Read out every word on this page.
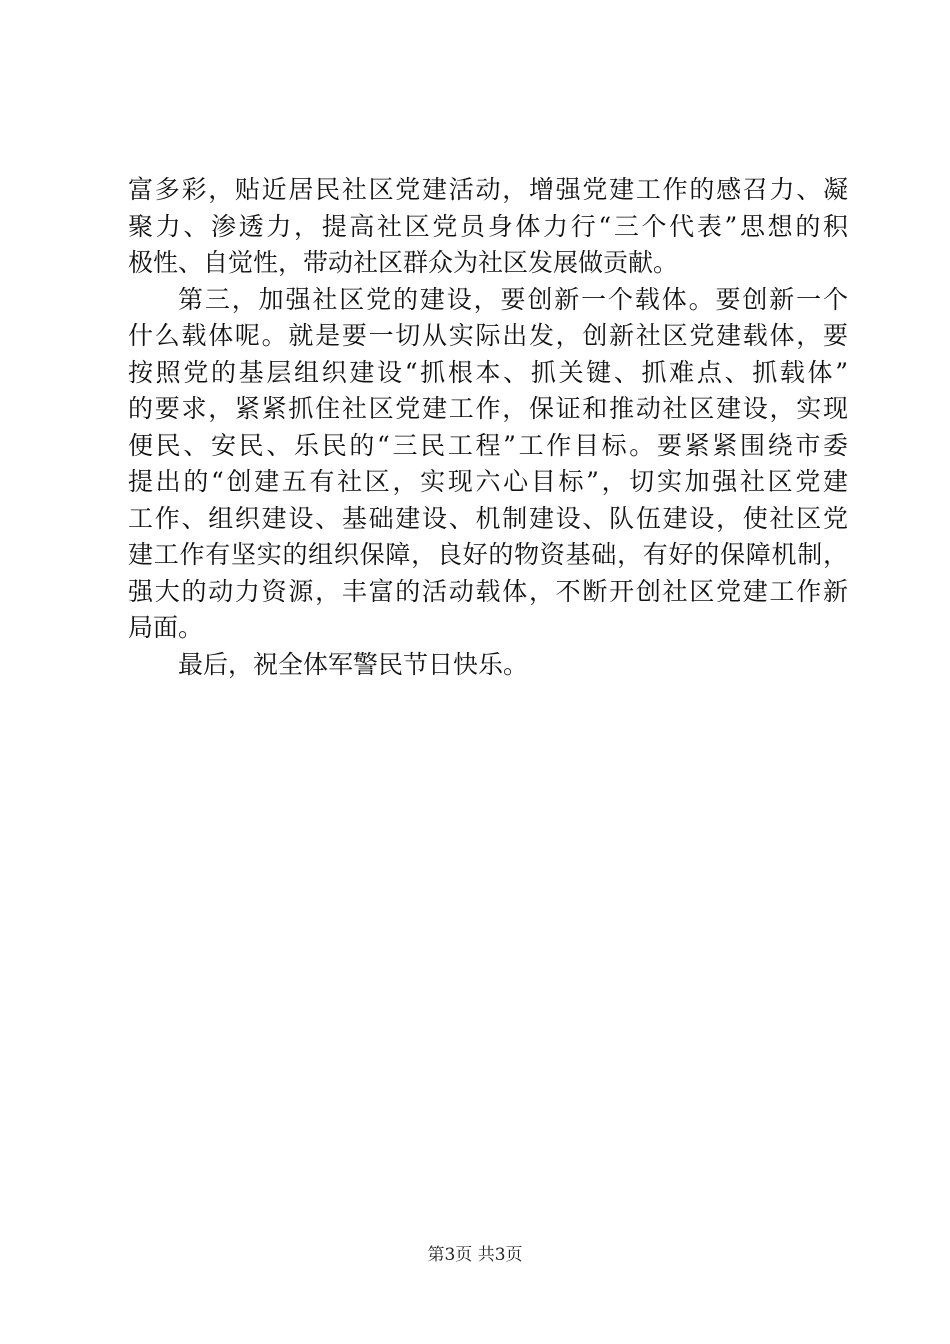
富多彩，贴近居民社区党建活动，增强党建工作的感召力、凝
聚力、渗透力，提高社区党员身体力行“三个代表”思想的积
极性、自觉性，带动社区群众为社区发展做贡献。
第三，加强社区党的建设，要创新一个载体。要创新一个
什么载体呢。就是要一切从实际出发，创新社区党建载体，要
按照党的基层组织建设“抓根本、抓关键、抓难点、抓载体”
的要求，紧紧抓住社区党建工作，保证和推动社区建设，实现
便民、安民、乐民的“三民工程”工作目标。要紧紧围绕市委
提出的“创建五有社区，实现六心目标”，切实加强社区党建
工作、组织建设、基础建设、机制建设、队伍建设，使社区党
建工作有坚实的组织保障，良好的物资基础，有好的保障机制，
强大的动力资源，丰富的活动载体，不断开创社区党建工作新
局面。
最后，祝全体军警民节日快乐。
第3页 共3页
